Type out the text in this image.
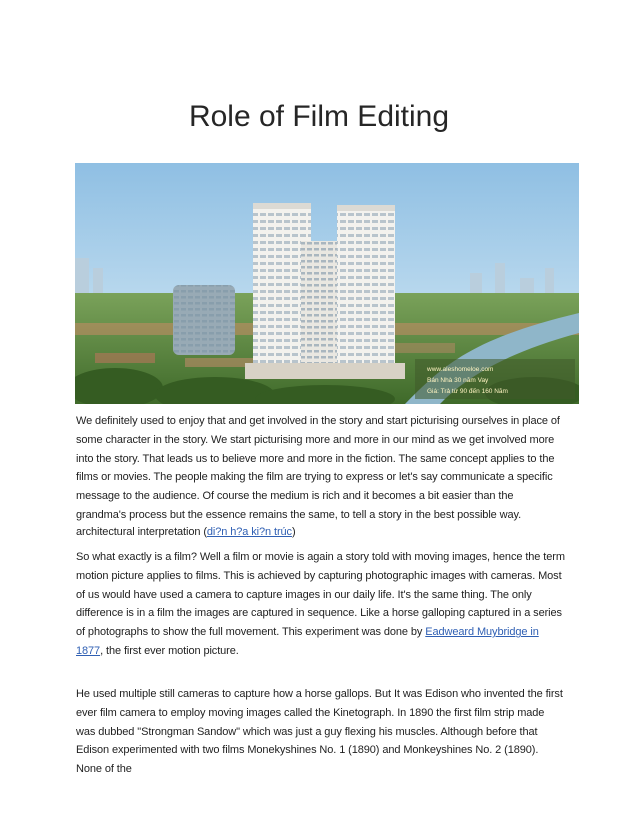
Role of Film Editing
www.aleshomeloe.com
Bán Nhà 30 năm Vay
Giá: Trả từ 90 đến 160 Năm

We definitely used to enjoy that and get involved in the story and start picturising ourselves in place of some character in the story. We start picturising more and more in our mind as we get involved more into the story. That leads us to believe more and more in the fiction. The same concept applies to the films or movies. The people making the film are trying to express or let's say communicate a specific message to the audience. Of course the medium is rich and it becomes a bit easier than the grandma's process but the essence remains the same, to tell a story in the best possible way.

architectural interpretation (di?n h?a ki?n trúc)

So what exactly is a film? Well a film or movie is again a story told with moving images, hence the term motion picture applies to films. This is achieved by capturing photographic images with cameras. Most of us would have used a camera to capture images in our daily life. It's the same thing. The only difference is in a film the images are captured in sequence. Like a horse galloping captured in a series of photographs to show the full movement. This experiment was done by Eadweard Muybridge in 1877, the first ever motion picture.

He used multiple still cameras to capture how a horse gallops. But It was Edison who invented the first ever film camera to employ moving images called the Kinetograph. In 1890 the first film strip made was dubbed "Strongman Sandow" which was just a guy flexing his muscles. Although before that Edison experimented with two films Monekyshines No. 1 (1890) and Monkeyshines No. 2 (1890). None of the
